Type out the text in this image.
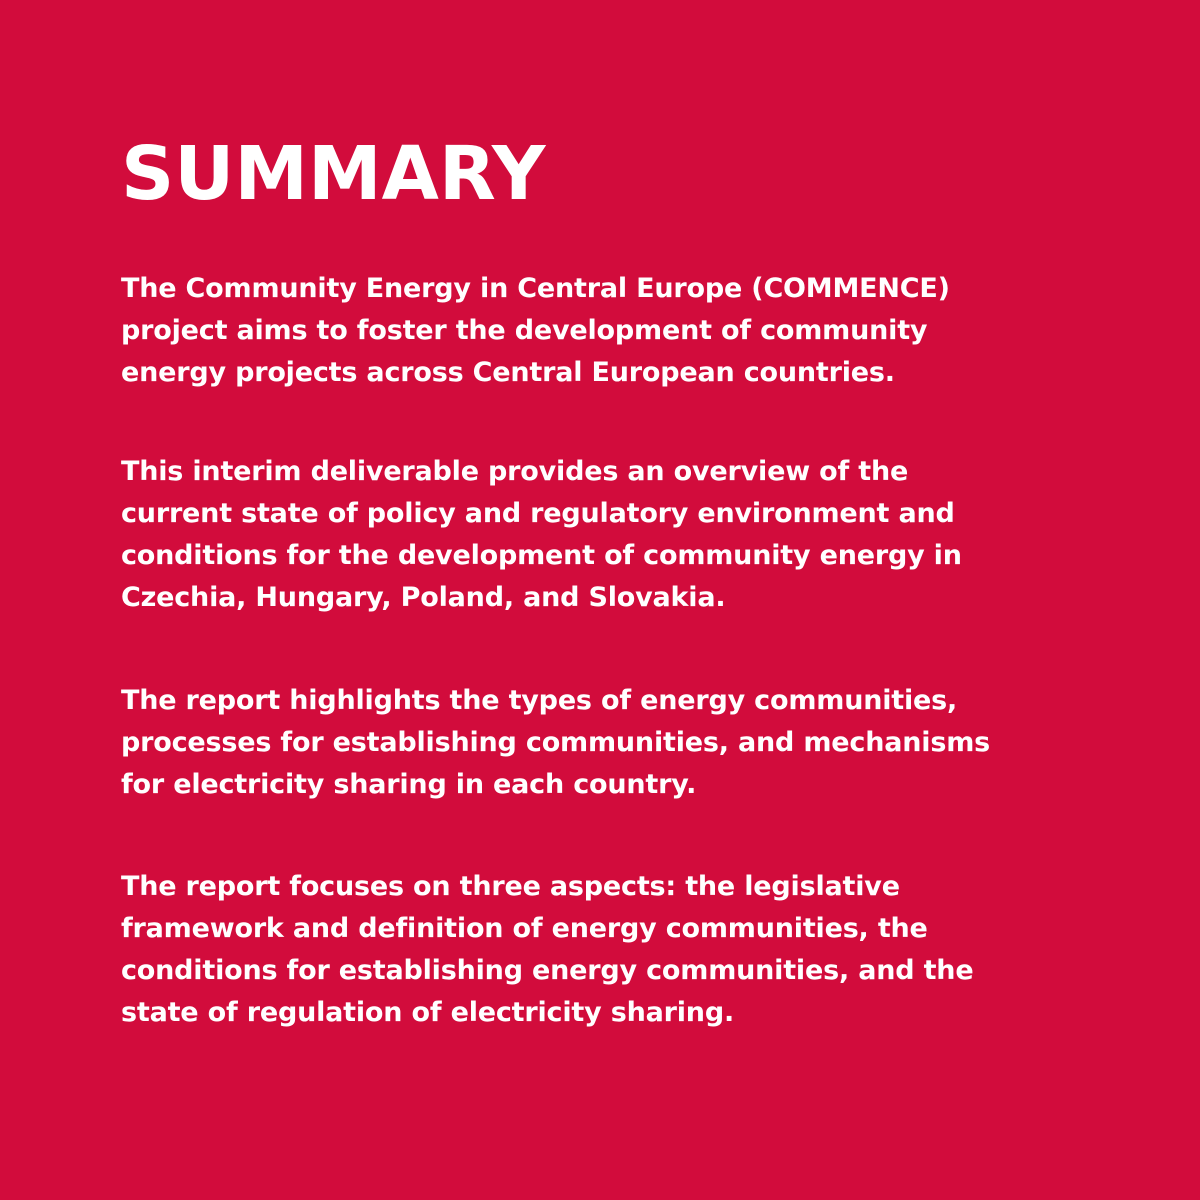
SUMMARY

The Community Energy in Central Europe (COMMENCE)
project aims to foster the development of community
energy projects across Central European countries.

This interim deliverable provides an overview of the
current state of policy and regulatory environment and
conditions for the development of community energy in
Czechia, Hungary, Poland, and Slovakia.

The report highlights the types of energy communities,
processes for establishing communities, and mechanisms
for electricity sharing in each country.

The report focuses on three aspects: the legislative
framework and definition of energy communities, the
conditions for establishing energy communities, and the
state of regulation of electricity sharing.
